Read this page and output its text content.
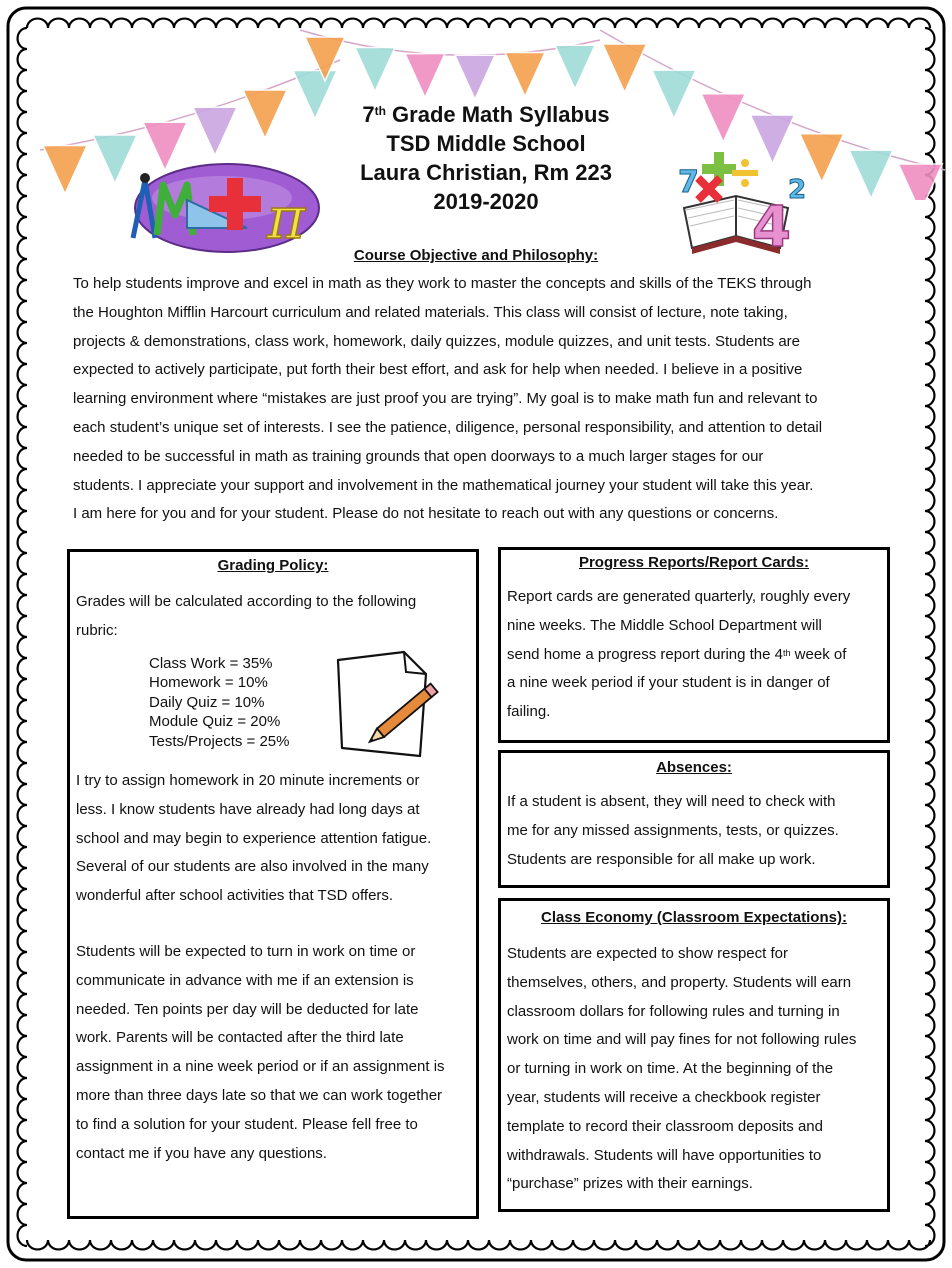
π
7
4
2
7th Grade Math Syllabus
TSD Middle School
Laura Christian, Rm 223
2019-2020
Course Objective and Philosophy:
To help students improve and excel in math as they work to master the concepts and skills of the TEKS through
the Houghton Mifflin Harcourt curriculum and related materials. This class will consist of lecture, note taking,
projects & demonstrations, class work, homework, daily quizzes, module quizzes, and unit tests. Students are
expected to actively participate, put forth their best effort, and ask for help when needed. I believe in a positive
learning environment where “mistakes are just proof you are trying”. My goal is to make math fun and relevant to
each student’s unique set of interests. I see the patience, diligence, personal responsibility, and attention to detail
needed to be successful in math as training grounds that open doorways to a much larger stages for our
students. I appreciate your support and involvement in the mathematical journey your student will take this year.
I am here for you and for your student. Please do not hesitate to reach out with any questions or concerns.
Grading Policy:
Grades will be calculated according to the following
rubric:
Class Work = 35%
Homework = 10%
Daily Quiz = 10%
Module Quiz = 20%
Tests/Projects = 25%
I try to assign homework in 20 minute increments or
less. I know students have already had long days at
school and may begin to experience attention fatigue.
Several of our students are also involved in the many
wonderful after school activities that TSD offers.
Students will be expected to turn in work on time or
communicate in advance with me if an extension is
needed. Ten points per day will be deducted for late
work. Parents will be contacted after the third late
assignment in a nine week period or if an assignment is
more than three days late so that we can work together
to find a solution for your student. Please fell free to
contact me if you have any questions.
Progress Reports/Report Cards:
Report cards are generated quarterly, roughly every
nine weeks. The Middle School Department will
send home a progress report during the 4th week of
a nine week period if your student is in danger of
failing.
Absences:
If a student is absent, they will need to check with
me for any missed assignments, tests, or quizzes.
Students are responsible for all make up work.
Class Economy (Classroom Expectations):
Students are expected to show respect for
themselves, others, and property. Students will earn
classroom dollars for following rules and turning in
work on time and will pay fines for not following rules
or turning in work on time. At the beginning of the
year, students will receive a checkbook register
template to record their classroom deposits and
withdrawals. Students will have opportunities to
“purchase” prizes with their earnings.
